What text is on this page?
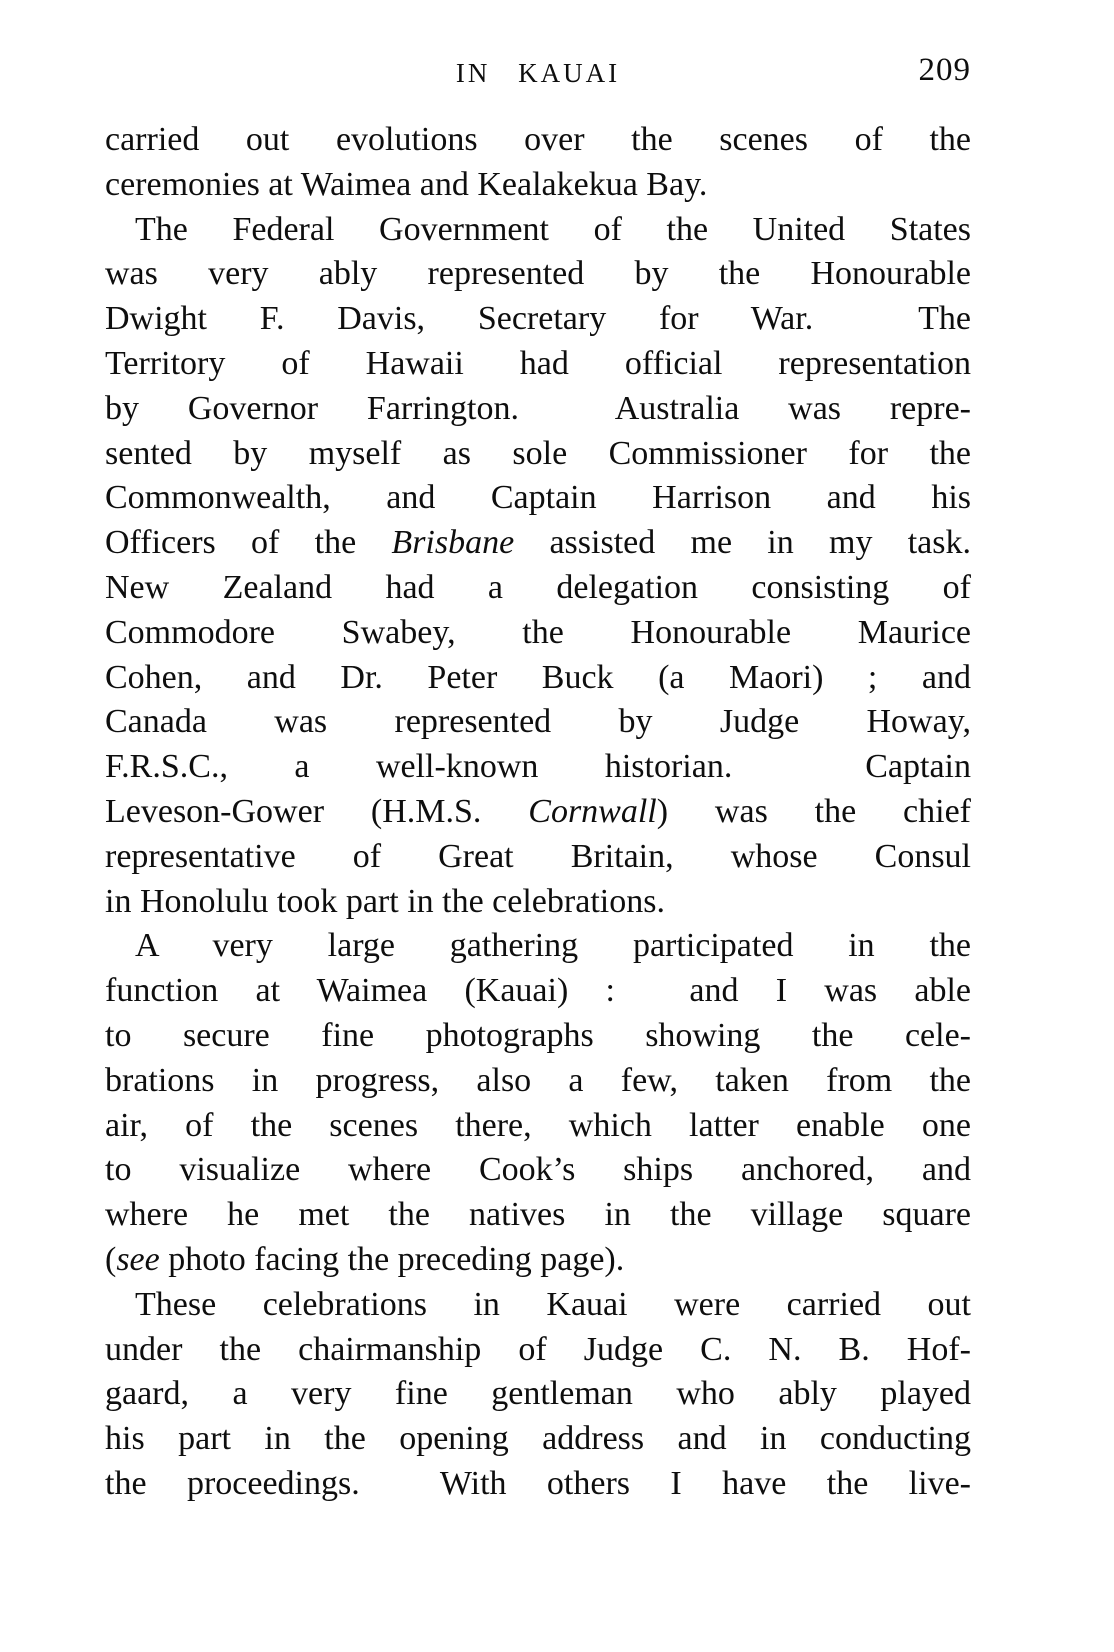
IN KAUAI	209
carried out evolutions over the scenes of the
ceremonies at Waimea and Kealakekua Bay.
The Federal Government of the United States
was very ably represented by the Honourable
Dwight F. Davis, Secretary for War.  The
Territory of Hawaii had official representation
by Governor Farrington.  Australia was repre-
sented by myself as sole Commissioner for the
Commonwealth, and Captain Harrison and his
Officers of the Brisbane assisted me in my task.
New Zealand had a delegation consisting of
Commodore Swabey, the Honourable Maurice
Cohen, and Dr. Peter Buck (a Maori) ; and
Canada was represented by Judge Howay,
F.R.S.C., a well-known historian.  Captain
Leveson-Gower (H.M.S. Cornwall) was the chief
representative of Great Britain, whose Consul
in Honolulu took part in the celebrations.
A very large gathering participated in the
function at Waimea (Kauai) :  and I was able
to secure fine photographs showing the cele-
brations in progress, also a few, taken from the
air, of the scenes there, which latter enable one
to visualize where Cook’s ships anchored, and
where he met the natives in the village square
(see photo facing the preceding page).
These celebrations in Kauai were carried out
under the chairmanship of Judge C. N. B. Hof-
gaard, a very fine gentleman who ably played
his part in the opening address and in conducting
the proceedings.  With others I have the live-
